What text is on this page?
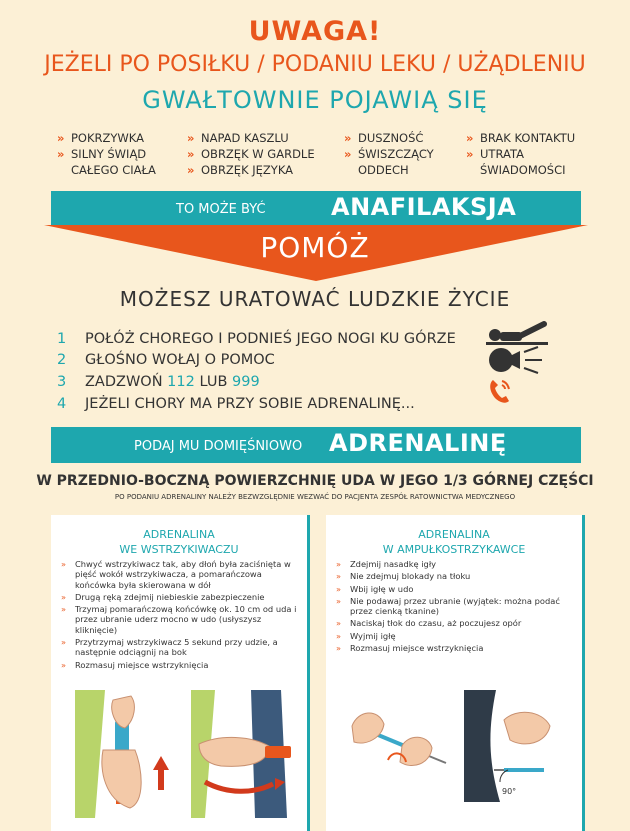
UWAGA!
JEŻELI PO POSIŁKU / PODANIU LEKU / UŻĄDLENIU
GWAŁTOWNIE POJAWIĄ SIĘ
» POKRZYWKA
» SILNY ŚWIĄD
CAŁEGO CIAŁA
» NAPAD KASZLU
» OBRZĘK W GARDLE
» OBRZĘK JĘZYKA
» DUSZNOŚĆ
» ŚWISZCZĄCY
ODDECH
» BRAK KONTAKTU
» UTRATA
ŚWIADOMOŚCI
TO MOŻE BYĆ	ANAFILAKSJA
POMÓŻ
MOŻESZ URATOWAĆ LUDZKIE ŻYCIE
1 POŁÓŻ CHOREGO I PODNIEŚ JEGO NOGI KU GÓRZE
2 GŁOŚNO WOŁAJ O POMOC
3 ZADZWOŃ 112 LUB 999
4 JEŻELI CHORY MA PRZY SOBIE ADRENALINĘ...
PODAJ MU DOMIĘŚNIOWO ADRENALINĘ
W PRZEDNIO-BOCZNĄ POWIERZCHNIĘ UDA W JEGO 1/3 GÓRNEJ CZĘŚCI
PO PODANIU ADRENALINY NALEŻY BEZWZGLĘDNIE WEZWAĆ DO PACJENTA ZESPÓŁ RATOWNICTWA MEDYCZNEGO
ADRENALINA
WE WSTRZYKIWACZU
» Chwyć wstrzykiwacz tak, aby dłoń była zaciśnięta w pięść wokół wstrzykiwacza, a pomarańczowa końcówka była skierowana w dół
» Drugą ręką zdejmij niebieskie zabezpieczenie
» Trzymaj pomarańczową końcówkę ok. 10 cm od uda i przez ubranie uderz mocno w udo (usłyszysz kliknięcie)
» Przytrzymaj wstrzykiwacz 5 sekund przy udzie, a następnie odciągnij na bok
» Rozmasuj miejsce wstrzyknięcia
ADRENALINA
W AMPUŁKOSTRZYKAWCE
» Zdejmij nasadkę igły
» Nie zdejmuj blokady na tłoku
» Wbij igłę w udo
» Nie podawaj przez ubranie (wyjątek: można podać przez cienką tkanine)
» Naciskaj tłok do czasu, aż poczujesz opór
» Wyjmij igłę
» Rozmasuj miejsce wstrzyknięcia
90°
